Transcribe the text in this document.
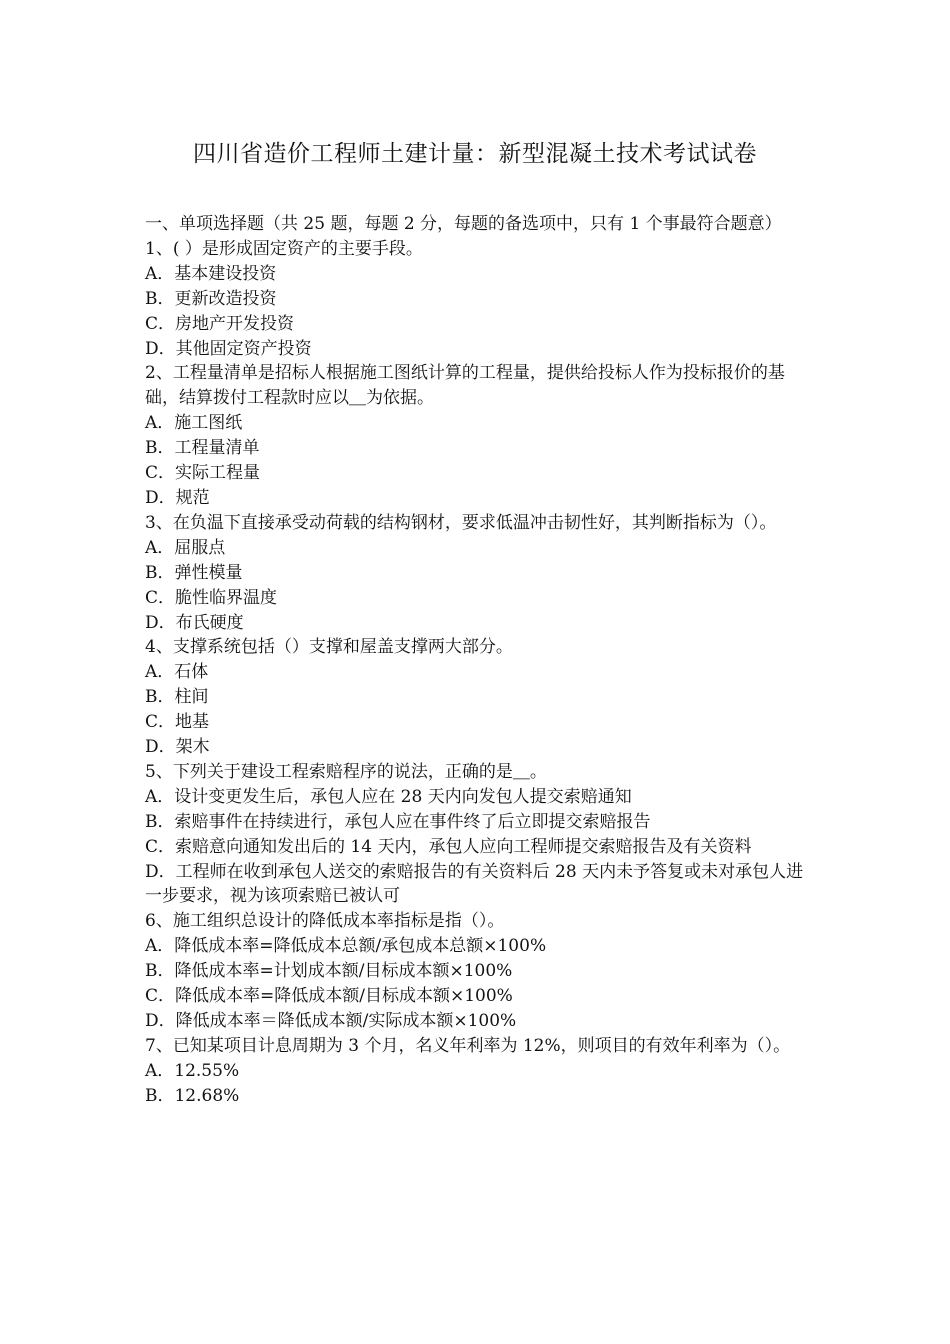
四川省造价工程师土建计量：新型混凝土技术考试试卷

一、单项选择题（共 25 题，每题 2 分，每题的备选项中，只有 1 个事最符合题意）

1、( ）是形成固定资产的主要手段。

A．基本建设投资

B．更新改造投资

C．房地产开发投资

D．其他固定资产投资

2、工程量清单是招标人根据施工图纸计算的工程量，提供给投标人作为投标报价的基础，结算拨付工程款时应以＿为依据。

A．施工图纸

B．工程量清单

C．实际工程量

D．规范

3、在负温下直接承受动荷载的结构钢材，要求低温冲击韧性好，其判断指标为（）。

A．屈服点

B．弹性模量

C．脆性临界温度

D．布氏硬度

4、支撑系统包括（）支撑和屋盖支撑两大部分。

A．石体

B．柱间

C．地基

D．架木

5、下列关于建设工程索赔程序的说法，正确的是＿。

A．设计变更发生后，承包人应在 28 天内向发包人提交索赔通知

B．索赔事件在持续进行，承包人应在事件终了后立即提交索赔报告

C．索赔意向通知发出后的 14 天内，承包人应向工程师提交索赔报告及有关资料

D．工程师在收到承包人送交的索赔报告的有关资料后 28 天内未予答复或未对承包人进一步要求，视为该项索赔已被认可

6、施工组织总设计的降低成本率指标是指（）。

A．降低成本率=降低成本总额/承包成本总额×100%

B．降低成本率=计划成本额/目标成本额×100%

C．降低成本率=降低成本额/目标成本额×100%

D．降低成本率＝降低成本额/实际成本额×100%

7、已知某项目计息周期为 3 个月，名义年利率为 12%，则项目的有效年利率为（）。

A．12.55%

B．12.68%
